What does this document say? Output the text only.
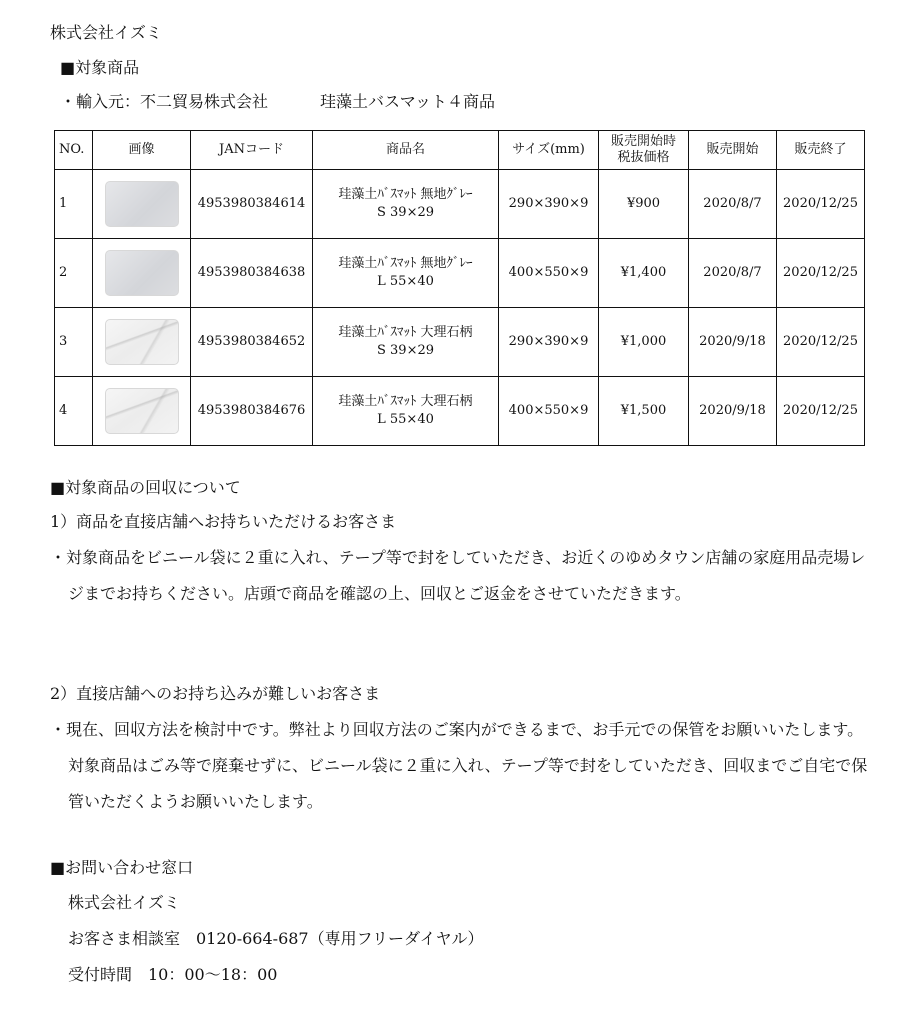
株式会社イズミ
■対象商品
・輸入元：不二貿易株式会社	珪藻土バスマット４商品
NO.	画像	JANコード	商品名	サイズ(mm)	販売開始時
税抜価格	販売開始	販売終了
1		4953980384614	珪藻土ﾊﾞｽﾏｯﾄ 無地ｸﾞﾚｰ
S 39×29	290×390×9	¥900	2020/8/7	2020/12/25
2		4953980384638	珪藻土ﾊﾞｽﾏｯﾄ 無地ｸﾞﾚｰ
L 55×40	400×550×9	¥1,400	2020/8/7	2020/12/25
3		4953980384652	珪藻土ﾊﾞｽﾏｯﾄ 大理石柄
S 39×29	290×390×9	¥1,000	2020/9/18	2020/12/25
4		4953980384676	珪藻土ﾊﾞｽﾏｯﾄ 大理石柄
L 55×40	400×550×9	¥1,500	2020/9/18	2020/12/25
■対象商品の回収について
1）商品を直接店舗へお持ちいただけるお客さま
・対象商品をビニール袋に２重に入れ、テープ等で封をしていただき、お近くのゆめタウン店舗の家庭用品売場レジまでお持ちください。店頭で商品を確認の上、回収とご返金をさせていただきます。
2）直接店舗へのお持ち込みが難しいお客さま
・現在、回収方法を検討中です。弊社より回収方法のご案内ができるまで、お手元での保管をお願いいたします。対象商品はごみ等で廃棄せずに、ビニール袋に２重に入れ、テープ等で封をしていただき、回収までご自宅で保管いただくようお願いいたします。
■お問い合わせ窓口
株式会社イズミ
お客さま相談室　0120-664-687（専用フリーダイヤル）
受付時間　10：00〜18：00
